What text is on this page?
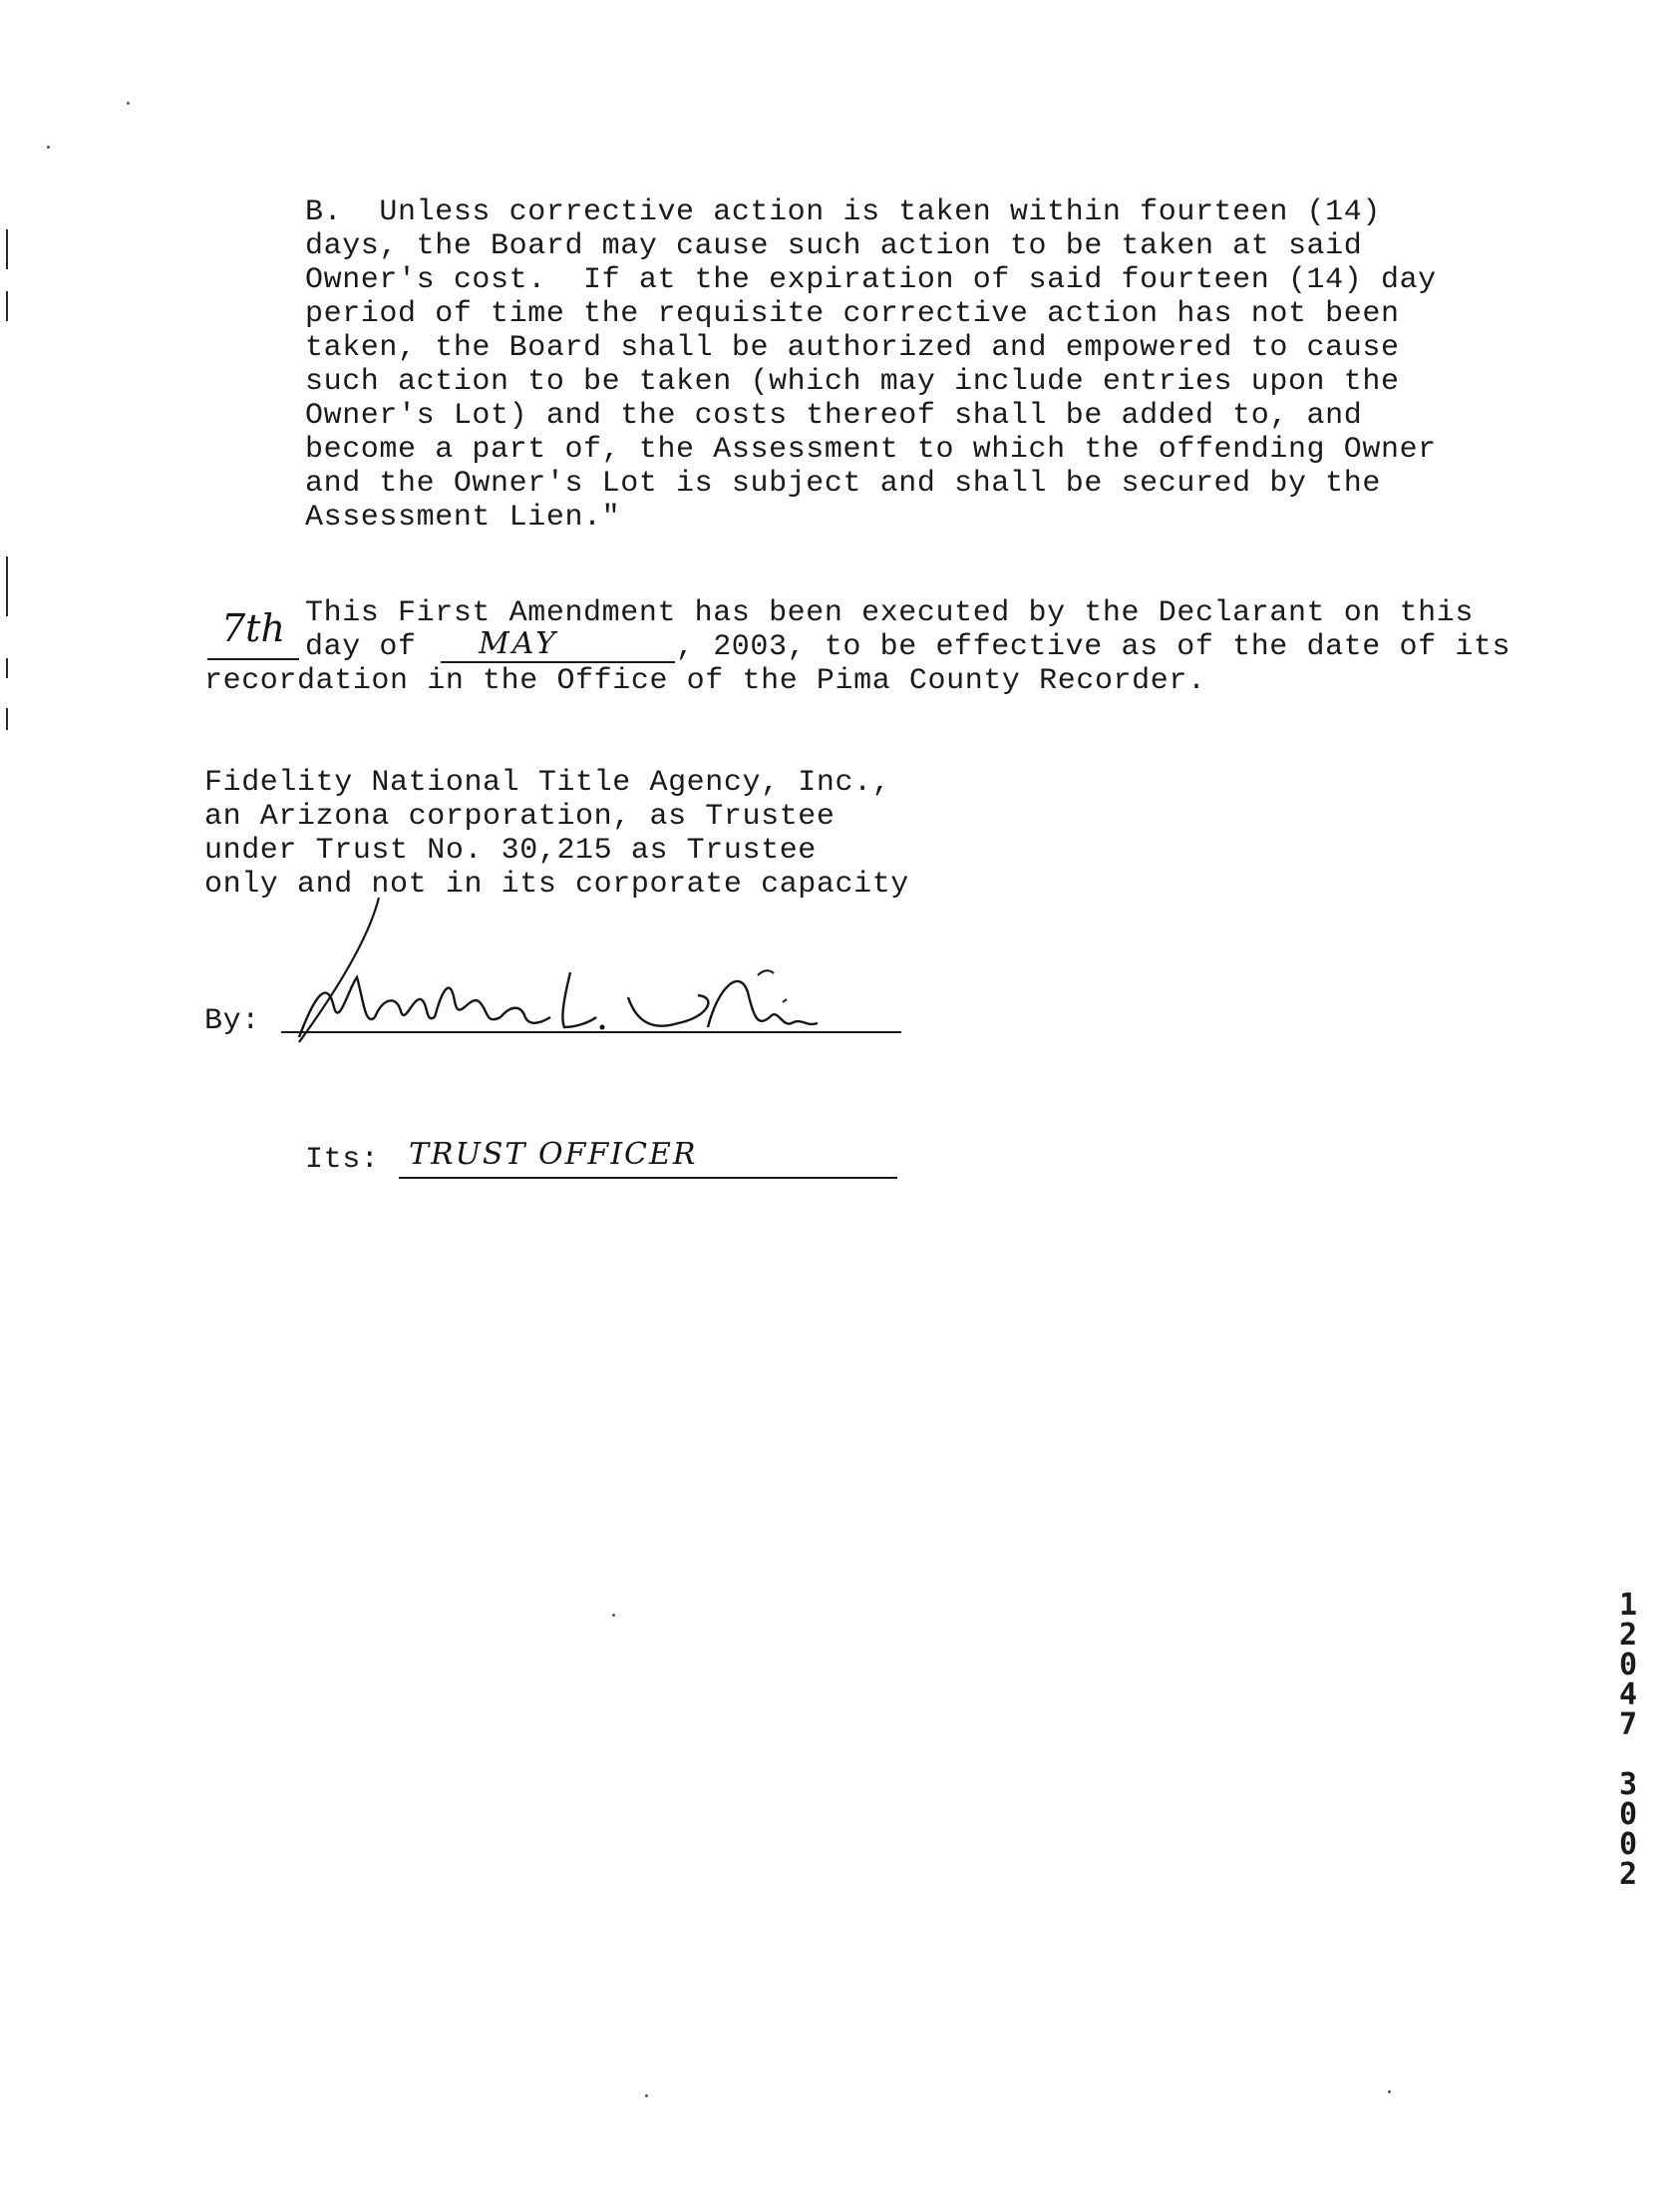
B.  Unless corrective action is taken within fourteen (14)
days, the Board may cause such action to be taken at said
Owner's cost.  If at the expiration of said fourteen (14) day
period of time the requisite corrective action has not been
taken, the Board shall be authorized and empowered to cause
such action to be taken (which may include entries upon the
Owner's Lot) and the costs thereof shall be added to, and
become a part of, the Assessment to which the offending Owner
and the Owner's Lot is subject and shall be secured by the
Assessment Lien."
7th This First Amendment has been executed by the Declarant on this
day of MAY	, 2003, to be effective as of the date of its
recordation in the Office of the Pima County Recorder.
Fidelity National Title Agency, Inc.,
an Arizona corporation, as Trustee
under Trust No. 30,215 as Trustee
only and not in its corporate capacity
By:
Its: TRUST OFFICER
1
2
0
4
7
3
0
0
2
